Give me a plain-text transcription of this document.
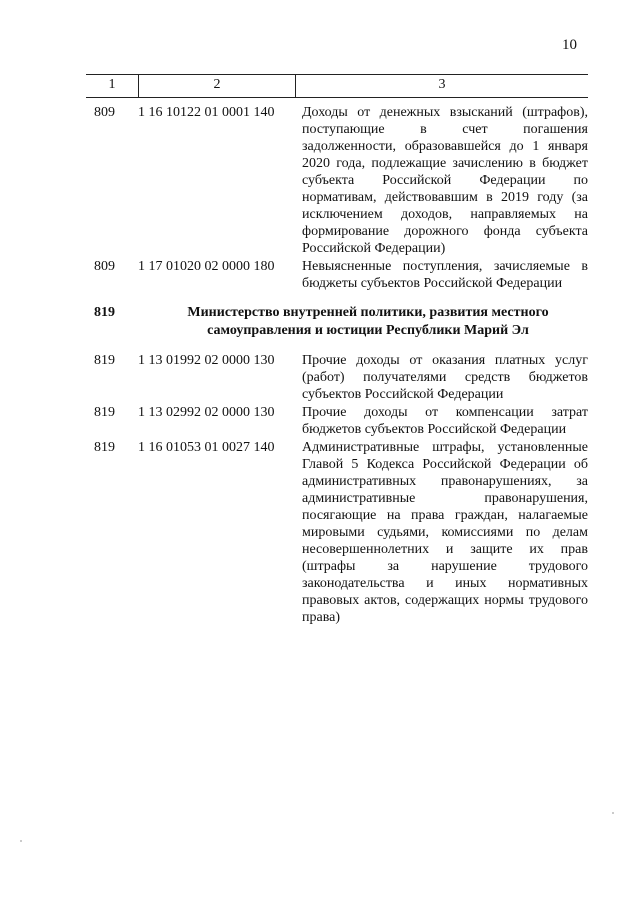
10
1	2	3
809	1 16 10122 01 0001 140	Доходы от денежных взысканий (штрафов), поступающие в счет погашения задолженности, образовавшейся до 1 января 2020 года, подлежащие зачислению в бюджет субъекта Российской Федерации по нормативам, действовавшим в 2019 году (за исключением доходов, направляемых на формирование дорожного фонда субъекта Российской Федерации)
809	1 17 01020 02 0000 180	Невыясненные поступления, зачисляемые в бюджеты субъектов Российской Федерации
819	Министерство внутренней политики, развития местного самоуправления и юстиции Республики Марий Эл
819	1 13 01992 02 0000 130	Прочие доходы от оказания платных услуг (работ) получателями средств бюджетов субъектов Российской Федерации
819	1 13 02992 02 0000 130	Прочие доходы от компенсации затрат бюджетов субъектов Российской Федерации
819	1 16 01053 01 0027 140	Административные штрафы, установленные Главой 5 Кодекса Российской Федерации об административных правонарушениях, за административные правонарушения, посягающие на права граждан, налагаемые мировыми судьями, комиссиями по делам несовершеннолетних и защите их прав (штрафы за нарушение трудового законодательства и иных нормативных правовых актов, содержащих нормы трудового права)
